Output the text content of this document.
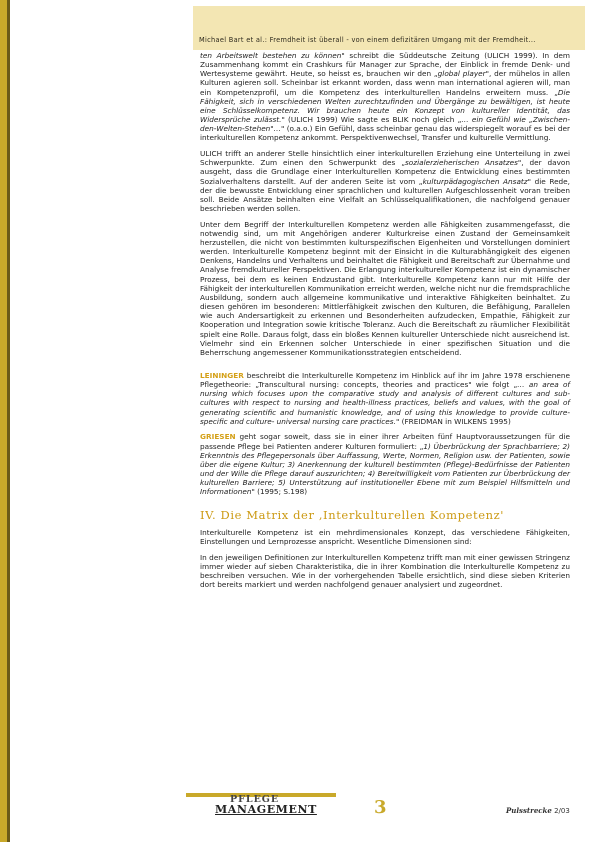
Michael Bart et al.: Fremdheit ist überall - von einem defizitären Umgang mit der Fremdheit...

ten Arbeitswelt bestehen zu können" schreibt die Süddeutsche Zeitung (ULICH 1999). In dem Zusammenhang kommt ein Crashkurs für Manager zur Sprache, der Einblick in fremde Denk- und Wertesysteme gewährt. Heute, so heisst es, brauchen wir den „global player", der mühelos in allen Kulturen agieren soll. Scheinbar ist erkannt worden, dass wenn man international agieren will, man ein Kompetenzprofil, um die Kompetenz des interkulturellen Handelns erweitern muss. „Die Fähigkeit, sich in verschiedenen Welten zurechtzufinden und Übergänge zu bewältigen, ist heute eine Schlüsselkompetenz. Wir brauchen heute ein Konzept von kultureller Identität, das Widersprüche zulässt." (ULICH 1999) Wie sagte es BLIK noch gleich „… ein Gefühl wie „Zwischen-den-Welten-Stehen"…" (o.a.o.) Ein Gefühl, dass scheinbar genau das widerspiegelt worauf es bei der interkulturellen Kompetenz ankommt. Perspektivenwechsel, Transfer und kulturelle Vermittlung.

ULICH trifft an anderer Stelle hinsichtlich einer interkulturellen Erziehung eine Unterteilung in zwei Schwerpunkte. Zum einen den Schwerpunkt des „sozialerzieherischen Ansatzes", der davon ausgeht, dass die Grundlage einer Interkulturellen Kompetenz die Entwicklung eines bestimmten Sozialverhaltens darstellt. Auf der anderen Seite ist vom „kulturpädagogischen Ansatz" die Rede, der die bewusste Entwicklung einer sprachlichen und kulturellen Aufgeschlossenheit voran treiben soll. Beide Ansätze beinhalten eine Vielfalt an Schlüsselqualifikationen, die nachfolgend genauer beschrieben werden sollen.

Unter dem Begriff der Interkulturellen Kompetenz werden alle Fähigkeiten zusammengefasst, die notwendig sind, um mit Angehörigen anderer Kulturkreise einen Zustand der Gemeinsamkeit herzustellen, die nicht von bestimmten kulturspezifischen Eigenheiten und Vorstellungen dominiert werden. Interkulturelle Kompetenz beginnt mit der Einsicht in die Kulturabhängigkeit des eigenen Denkens, Handelns und Verhaltens und beinhaltet die Fähigkeit und Bereitschaft zur Übernahme und Analyse fremdkultureller Perspektiven. Die Erlangung interkultureller Kompetenz ist ein dynamischer Prozess, bei dem es keinen Endzustand gibt. Interkulturelle Kompetenz kann nur mit Hilfe der Fähigkeit der interkulturellen Kommunikation erreicht werden, welche nicht nur die fremdsprachliche Ausbildung, sondern auch allgemeine kommunikative und interaktive Fähigkeiten beinhaltet. Zu diesen gehören im besonderen: Mittlerfähigkeit zwischen den Kulturen, die Befähigung, Parallelen wie auch Andersartigkeit zu erkennen und Besonderheiten aufzudecken, Empathie, Fähigkeit zur Kooperation und Integration sowie kritische Toleranz. Auch die Bereitschaft zu räumlicher Flexibilität spielt eine Rolle. Daraus folgt, dass ein bloßes Kennen kultureller Unterschiede nicht ausreichend ist. Vielmehr sind ein Erkennen solcher Unterschiede in einer spezifischen Situation und die Beherrschung angemessener Kommunikationsstrategien entscheidend.

LEININGER beschreibt die Interkulturelle Kompetenz im Hinblick auf ihr im Jahre 1978 erschienene Pflegetheorie: „Transcultural nursing: concepts, theories and practices" wie folgt „… an area of nursing which focuses upon the comparative study and analysis of different cultures and sub-cultures with respect to nursing and health-illness practices, beliefs and values, with the goal of generating scientific and humanistic knowledge, and of using this knowledge to provide culture-specific and culture- universal nursing care practices." (FREIDMAN in WILKENS 1995)

GRIESEN geht sogar soweit, dass sie in einer ihrer Arbeiten fünf Hauptvoraussetzungen für die passende Pflege bei Patienten anderer Kulturen formuliert: „1) Überbrückung der Sprachbarriere; 2) Erkenntnis des Pflegepersonals über Auffassung, Werte, Normen, Religion usw. der Patienten, sowie über die eigene Kultur; 3) Anerkennung der kulturell bestimmten (Pflege)-Bedürfnisse der Patienten und der Wille die Pflege darauf auszurichten; 4) Bereitwilligkeit vom Patienten zur Überbrückung der kulturellen Barriere; 5) Unterstützung auf institutioneller Ebene mit zum Beispiel Hilfsmitteln und Informationen" (1995; S.198)

IV. Die Matrix der ‚Interkulturellen Kompetenz'

Interkulturelle Kompetenz ist ein mehrdimensionales Konzept, das verschiedene Fähigkeiten, Einstellungen und Lernprozesse anspricht. Wesentliche Dimensionen sind:

In den jeweiligen Definitionen zur Interkulturellen Kompetenz trifft man mit einer gewissen Stringenz immer wieder auf sieben Charakteristika, die in ihrer Kombination die Interkulturelle Kompetenz zu beschreiben versuchen. Wie in der vorhergehenden Tabelle ersichtlich, sind diese sieben Kriterien dort bereits markiert und werden nachfolgend genauer analysiert und zugeordnet.

PFLEGE
MANAGEMENT	3	Pulsstrecke 2/03
